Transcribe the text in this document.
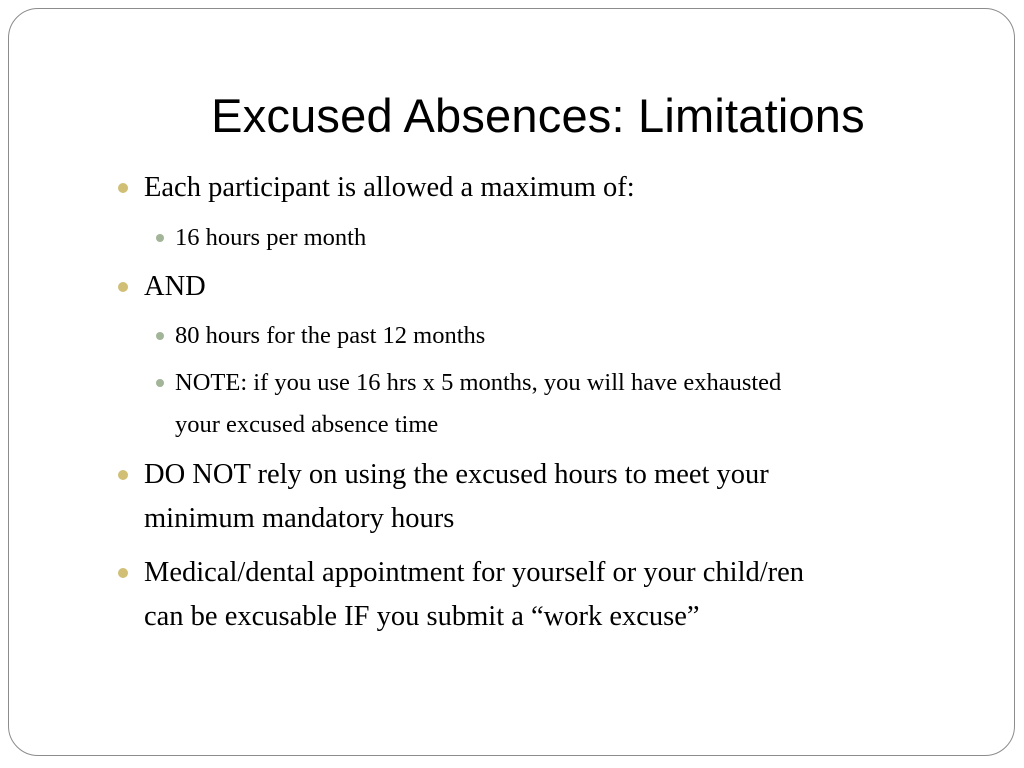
Excused Absences: Limitations
Each participant is allowed a maximum of:
16 hours per month
AND
80 hours for the past 12 months
NOTE: if you use 16 hrs x 5 months, you will have exhausted
your excused absence time
DO NOT rely on using the excused hours to meet your
minimum mandatory hours
Medical/dental appointment for yourself or your child/ren
can be excusable IF you submit a “work excuse”
